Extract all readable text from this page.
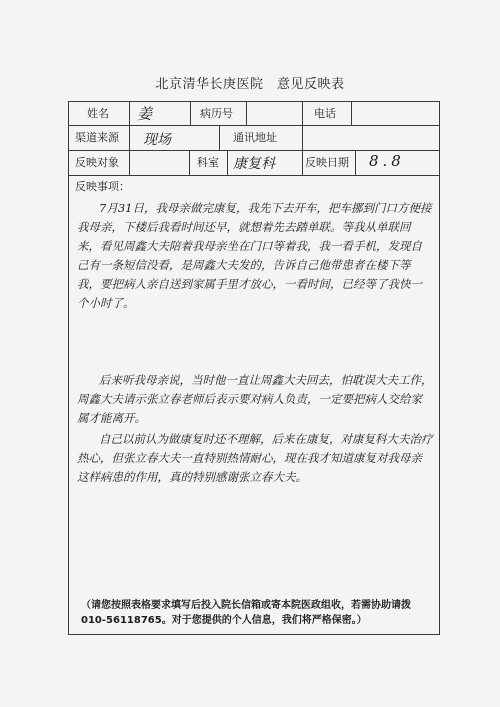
北京清华长庚医院　意见反映表
姓名 姜	病历号	电话
渠道来源 现场	通讯地址
反映对象	科室 康复科	反映日期 8.8
反映事项：
7月31日，我母亲做完康复，我先下去开车，把车挪到门口方便接我母亲，下楼后我看时间还早，就想着先去踏单联。等我从单联回来，看见周鑫大夫陪着我母亲坐在门口等着我，我一看手机，发现自己有一条短信没看，是周鑫大夫发的，告诉自己他带患者在楼下等我，要把病人亲自送到家属手里才放心，一看时间，已经等了我快一个小时了。
后来听我母亲说，当时他一直让周鑫大夫回去，怕耽误大夫工作，周鑫大夫请示张立春老师后表示要对病人负责，一定要把病人交给家属才能离开。
自己以前认为做康复时还不理解，后来在康复，对康复科大夫治疗热心，但张立春大夫一直特别热情耐心，现在我才知道康复对我母亲这样病患的作用，真的特别感谢张立春大夫。
（请您按照表格要求填写后投入院长信箱或寄本院医政组收，若需协助请拨010-56118765。对于您提供的个人信息，我们将严格保密。）
